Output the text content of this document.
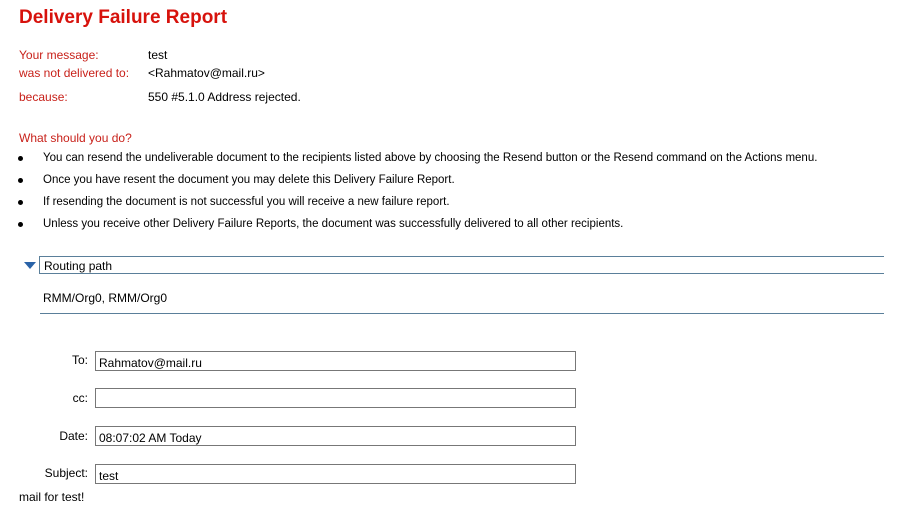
Delivery Failure Report
Your message:	test
was not delivered to: <Rahmatov@mail.ru>
because:	550 #5.1.0 Address rejected.
What should you do?
You can resend the undeliverable document to the recipients listed above by choosing the Resend button or the Resend command on the Actions menu.
Once you have resent the document you may delete this Delivery Failure Report.
If resending the document is not successful you will receive a new failure report.
Unless you receive other Delivery Failure Reports, the document was successfully delivered to all other recipients.
Routing path
RMM/Org0, RMM/Org0
To:
Rahmatov@mail.ru
cc:
Date:
08:07:02 AM Today
Subject:
test
mail for test!
